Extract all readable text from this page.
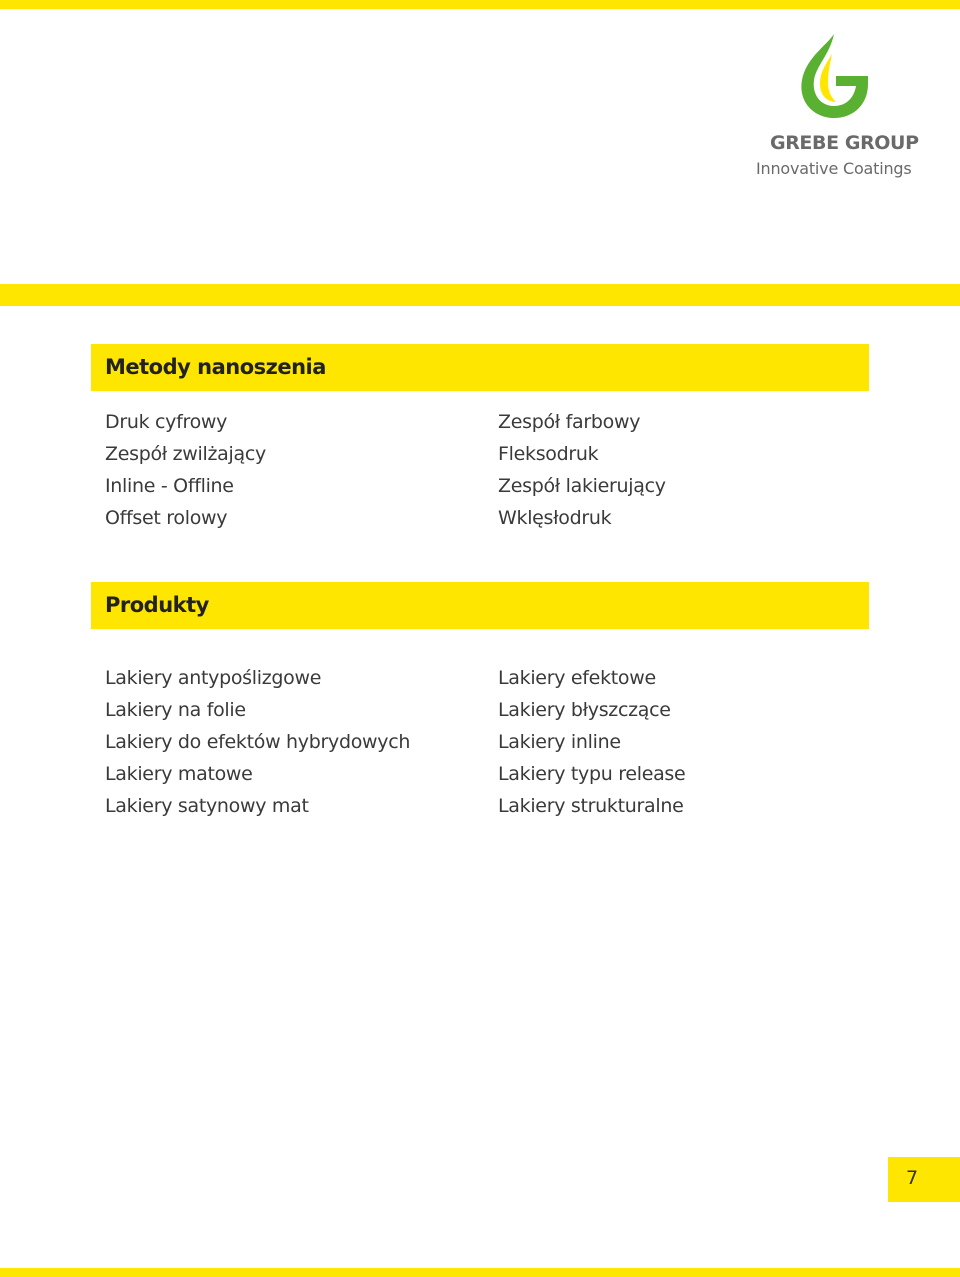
GREBE GROUP
Innovative Coatings
Metody nanoszenia
Druk cyfrowy
Zespół zwilżający
Inline - Offline
Offset rolowy
Zespół farbowy
Fleksodruk
Zespół lakierujący
Wklęsłodruk
Produkty
Lakiery antypoślizgowe
Lakiery na folie
Lakiery do efektów hybrydowych
Lakiery matowe
Lakiery satynowy mat
Lakiery efektowe
Lakiery błyszczące
Lakiery inline
Lakiery typu release
Lakiery strukturalne
7
